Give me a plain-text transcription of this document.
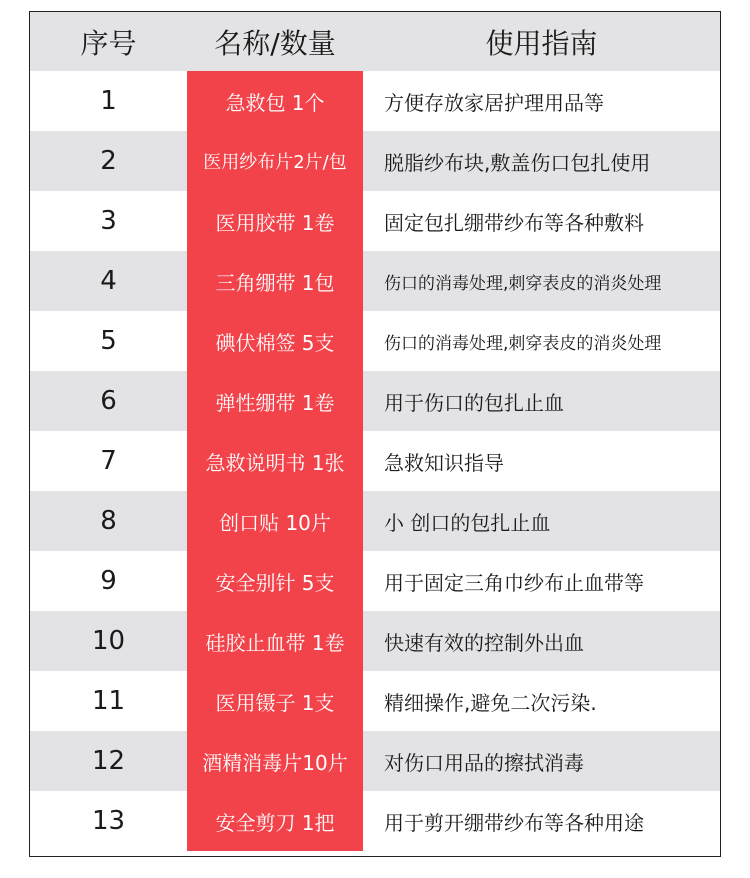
序号	名称/数量	使用指南
1	急救包 1个	方便存放家居护理用品等
2	医用纱布片2片/包	脱脂纱布块,敷盖伤口包扎使用
3	医用胶带 1卷	固定包扎绷带纱布等各种敷料
4	三角绷带 1包	伤口的消毒处理,刺穿表皮的消炎处理
5	碘伏棉签 5支	伤口的消毒处理,刺穿表皮的消炎处理
6	弹性绷带 1卷	用于伤口的包扎止血
7	急救说明书 1张	急救知识指导
8	创口贴 10片	小 创口的包扎止血
9	安全别针 5支	用于固定三角巾纱布止血带等
10	硅胶止血带 1卷	快速有效的控制外出血
11	医用镊子 1支	精细操作,避免二次污染.
12	酒精消毒片10片	对伤口用品的擦拭消毒
13	安全剪刀 1把	用于剪开绷带纱布等各种用途
